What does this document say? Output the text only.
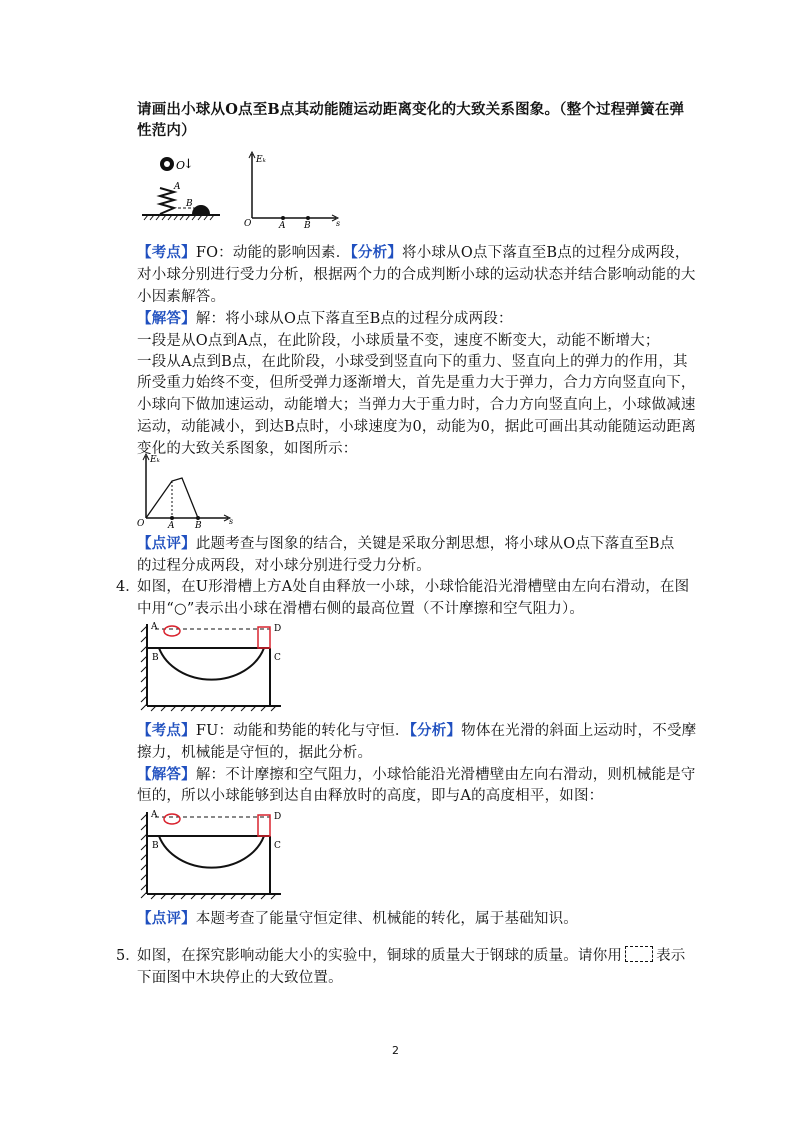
请画出小球从O点至B点其动能随运动距离变化的大致关系图象。（整个过程弹簧在弹
性范内）
O
↓
A
B
Eₖ
O	A B	s
【考点】FO：动能的影响因素．【分析】将小球从O点下落直至B点的过程分成两段，
对小球分别进行受力分析，根据两个力的合成判断小球的运动状态并结合影响动能的大
小因素解答。
【解答】解：将小球从O点下落直至B点的过程分成两段：
一段是从O点到A点，在此阶段，小球质量不变，速度不断变大，动能不断增大；
一段从A点到B点，在此阶段，小球受到竖直向下的重力、竖直向上的弹力的作用，其
所受重力始终不变，但所受弹力逐渐增大，首先是重力大于弹力，合力方向竖直向下，
小球向下做加速运动，动能增大；当弹力大于重力时，合力方向竖直向上，小球做减速
运动，动能减小，到达B点时，小球速度为0，动能为0，据此可画出其动能随运动距离
变化的大致关系图象，如图所示：
Eₖ
O	A B	s
【点评】此题考查与图象的结合，关键是采取分割思想，将小球从O点下落直至B点
的过程分成两段，对小球分别进行受力分析。
4．
如图，在U形滑槽上方A处自由释放一小球，小球恰能沿光滑槽壁由左向右滑动，在图
中用“○”表示出小球在滑槽右侧的最高位置（不计摩擦和空气阻力）。
A
B	C
D
【考点】FU：动能和势能的转化与守恒．【分析】物体在光滑的斜面上运动时，不受摩
擦力，机械能是守恒的，据此分析。
【解答】解：不计摩擦和空气阻力，小球恰能沿光滑槽壁由左向右滑动，则机械能是守
恒的，所以小球能够到达自由释放时的高度，即与A的高度相平，如图：
A
B	C
D
【点评】本题考查了能量守恒定律、机械能的转化，属于基础知识。
5．
如图，在探究影响动能大小的实验中，铜球的质量大于钢球的质量。请你用 表示
下面图中木块停止的大致位置。
2
